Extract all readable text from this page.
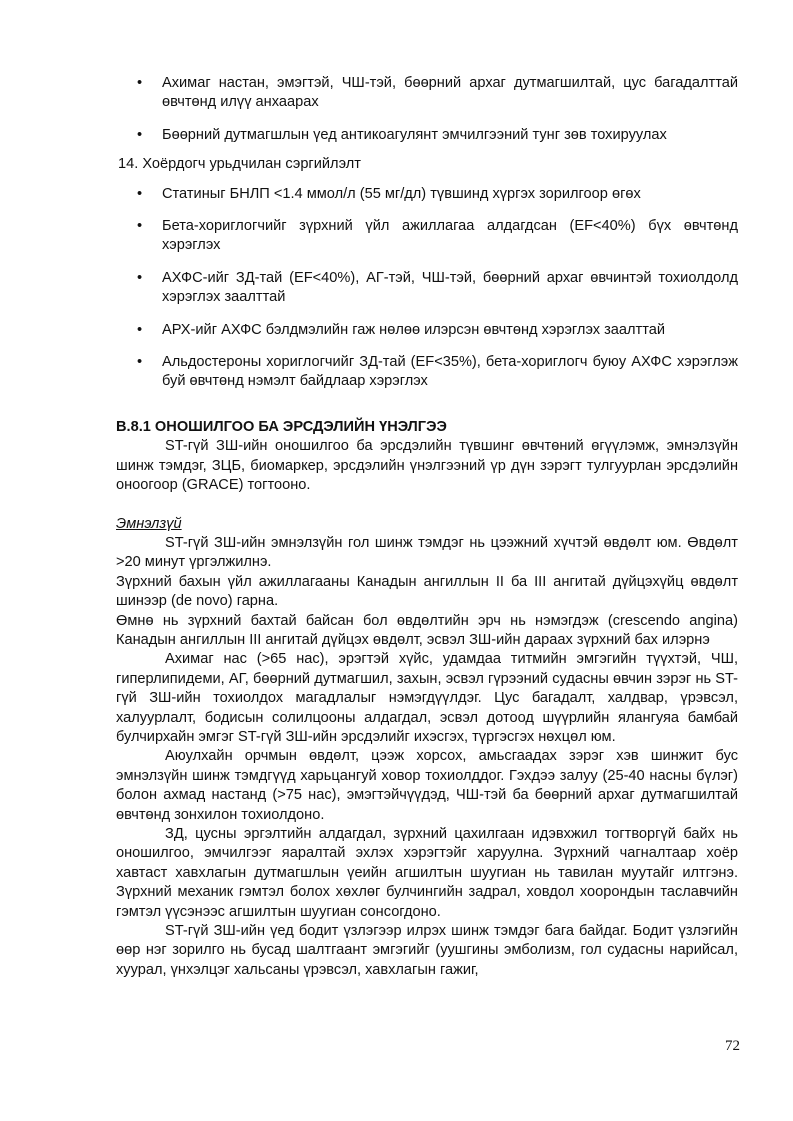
• Ахимаг настан, эмэгтэй, ЧШ-тэй, бөөрний архаг дутмагшилтай, цус багадалттай өвчтөнд илүү анхаарах
• Бөөрний дутмагшлын үед антикоагулянт эмчилгээний тунг зөв тохируулах
14. Хоёрдогч урьдчилан сэргийлэлт
• Статиныг БНЛП <1.4 ммол/л (55 мг/дл) түвшинд хүргэх зорилгоор өгөх
• Бета-хориглогчийг зүрхний үйл ажиллагаа алдагдсан (EF<40%) бүх өвчтөнд хэрэглэх
• АХФС-ийг ЗД-тай (EF<40%), АГ-тэй, ЧШ-тэй, бөөрний архаг өвчинтэй тохиолдолд хэрэглэх заалттай
• АРХ-ийг АХФС бэлдмэлийн гаж нөлөө илэрсэн өвчтөнд хэрэглэх заалттай
• Альдостероны хориглогчийг ЗД-тай (EF<35%), бета-хориглогч буюу АХФС хэрэглэж буй өвчтөнд нэмэлт байдлаар хэрэглэх
В.8.1 ОНОШИЛГОО БА ЭРСДЭЛИЙН ҮНЭЛГЭЭ

ST-гүй ЗШ-ийн оношилгоо ба эрсдэлийн түвшинг өвчтөний өгүүлэмж, эмнэлзүйн шинж тэмдэг, ЗЦБ, биомаркер, эрсдэлийн үнэлгээний үр дүн зэрэгт тулгуурлан эрсдэлийн оноогоор (GRACE) тогтооно.

Эмнэлзүй

ST-гүй ЗШ-ийн эмнэлзүйн гол шинж тэмдэг нь цээжний хүчтэй өвдөлт юм. Өвдөлт >20 минут үргэлжилнэ.

Зүрхний бахын үйл ажиллагааны Канадын ангиллын II ба III ангитай дүйцэхүйц өвдөлт шинээр (de novo) гарна.

Өмнө нь зүрхний бахтай байсан бол өвдөлтийн эрч нь нэмэгдэж (crescendo angina) Канадын ангиллын III ангитай дүйцэх өвдөлт, эсвэл ЗШ-ийн дараах зүрхний бах илэрнэ

Ахимаг нас (>65 нас), эрэгтэй хүйс, удамдаа титмийн эмгэгийн түүхтэй, ЧШ, гиперлипидеми, АГ, бөөрний дутмагшил, захын, эсвэл гүрээний судасны өвчин зэрэг нь ST-гүй ЗШ-ийн тохиолдох магадлалыг нэмэгдүүлдэг. Цус багадалт, халдвар, үрэвсэл, халуурлалт, бодисын солилцооны алдагдал, эсвэл дотоод шүүрлийн ялангуяа бамбай булчирхайн эмгэг ST-гүй ЗШ-ийн эрсдэлийг ихэсгэх, түргэсгэх нөхцөл юм.

Аюулхайн орчмын өвдөлт, цээж хорсох, амьсгаадах зэрэг хэв шинжит бус эмнэлзүйн шинж тэмдгүүд харьцангуй ховор тохиолддог. Гэхдээ залуу (25-40 насны бүлэг) болон ахмад настанд (>75 нас), эмэгтэйчүүдэд, ЧШ-тэй ба бөөрний архаг дутмагшилтай өвчтөнд зонхилон тохиолдоно.

ЗД, цусны эргэлтийн алдагдал, зүрхний цахилгаан идэвхжил тогтворгүй байх нь оношилгоо, эмчилгээг яаралтай эхлэх хэрэгтэйг харуулна. Зүрхний чагналтаар хоёр хавтаст хавхлагын дутмагшлын үеийн агшилтын шуугиан нь тавилан муутайг илтгэнэ. Зүрхний механик гэмтэл болох хөхлөг булчингийн задрал, ховдол хоорондын таславчийн гэмтэл үүсэнээс агшилтын шуугиан сонсогдоно.

ST-гүй ЗШ-ийн үед бодит үзлэгээр илрэх шинж тэмдэг бага байдаг. Бодит үзлэгийн өөр нэг зорилго нь бусад шалтгаант эмгэгийг (уушгины эмболизм, гол судасны нарийсал, хуурал, үнхэлцэг хальсаны үрэвсэл, хавхлагын гажиг,

72
